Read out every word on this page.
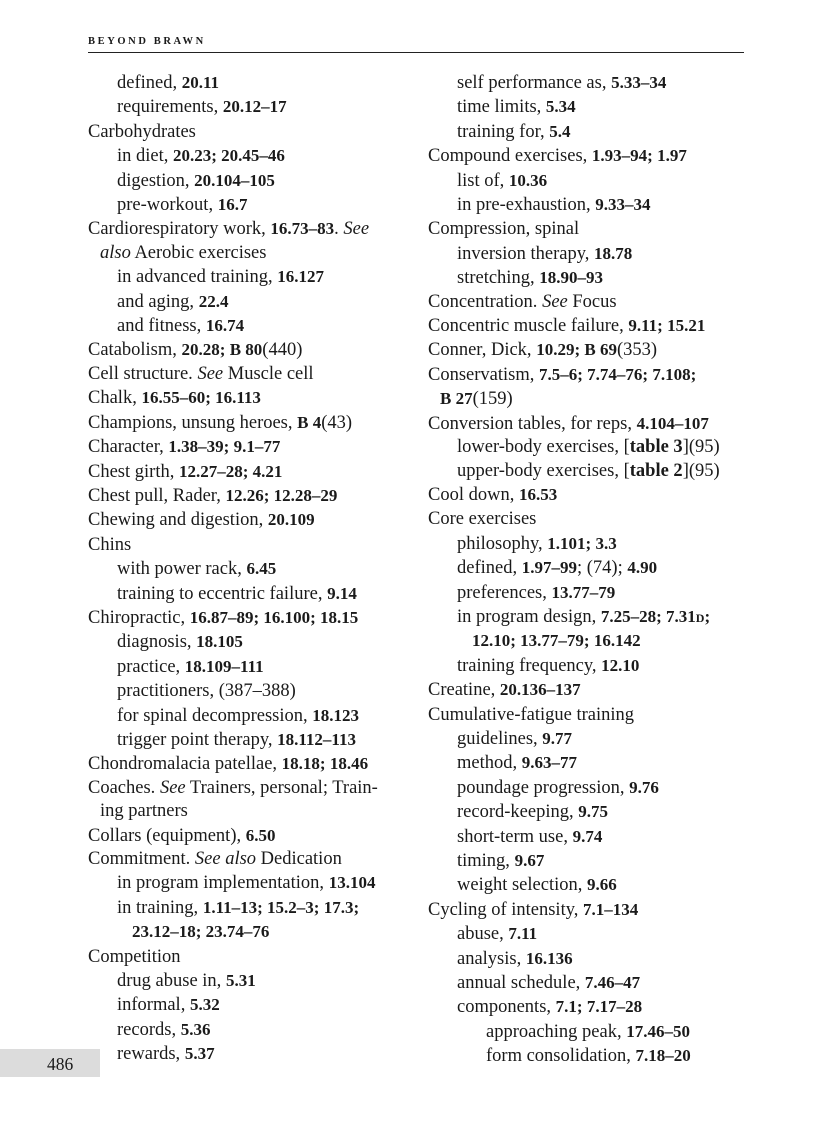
BEYOND BRAWN
defined, 20.11
requirements, 20.12–17
Carbohydrates
in diet, 20.23; 20.45–46
digestion, 20.104–105
pre-workout, 16.7
Cardiorespiratory work, 16.73–83. See
also Aerobic exercises
in advanced training, 16.127
and aging, 22.4
and fitness, 16.74
Catabolism, 20.28; B 80(440)
Cell structure. See Muscle cell
Chalk, 16.55–60; 16.113
Champions, unsung heroes, B 4(43)
Character, 1.38–39; 9.1–77
Chest girth, 12.27–28; 4.21
Chest pull, Rader, 12.26; 12.28–29
Chewing and digestion, 20.109
Chins
with power rack, 6.45
training to eccentric failure, 9.14
Chiropractic, 16.87–89; 16.100; 18.15
diagnosis, 18.105
practice, 18.109–111
practitioners, (387–388)
for spinal decompression, 18.123
trigger point therapy, 18.112–113
Chondromalacia patellae, 18.18; 18.46
Coaches. See Trainers, personal; Train-
ing partners
Collars (equipment), 6.50
Commitment. See also Dedication
in program implementation, 13.104
in training, 1.11–13; 15.2–3; 17.3;
23.12–18; 23.74–76
Competition
drug abuse in, 5.31
informal, 5.32
records, 5.36
rewards, 5.37
self performance as, 5.33–34
time limits, 5.34
training for, 5.4
Compound exercises, 1.93–94; 1.97
list of, 10.36
in pre-exhaustion, 9.33–34
Compression, spinal
inversion therapy, 18.78
stretching, 18.90–93
Concentration. See Focus
Concentric muscle failure, 9.11; 15.21
Conner, Dick, 10.29; B 69(353)
Conservatism, 7.5–6; 7.74–76; 7.108;
B 27(159)
Conversion tables, for reps, 4.104–107
lower-body exercises, [table 3](95)
upper-body exercises, [table 2](95)
Cool down, 16.53
Core exercises
philosophy, 1.101; 3.3
defined, 1.97–99; (74); 4.90
preferences, 13.77–79
in program design, 7.25–28; 7.31d;
12.10; 13.77–79; 16.142
training frequency, 12.10
Creatine, 20.136–137
Cumulative-fatigue training
guidelines, 9.77
method, 9.63–77
poundage progression, 9.76
record-keeping, 9.75
short-term use, 9.74
timing, 9.67
weight selection, 9.66
Cycling of intensity, 7.1–134
abuse, 7.11
analysis, 16.136
annual schedule, 7.46–47
components, 7.1; 7.17–28
approaching peak, 17.46–50
form consolidation, 7.18–20
486
